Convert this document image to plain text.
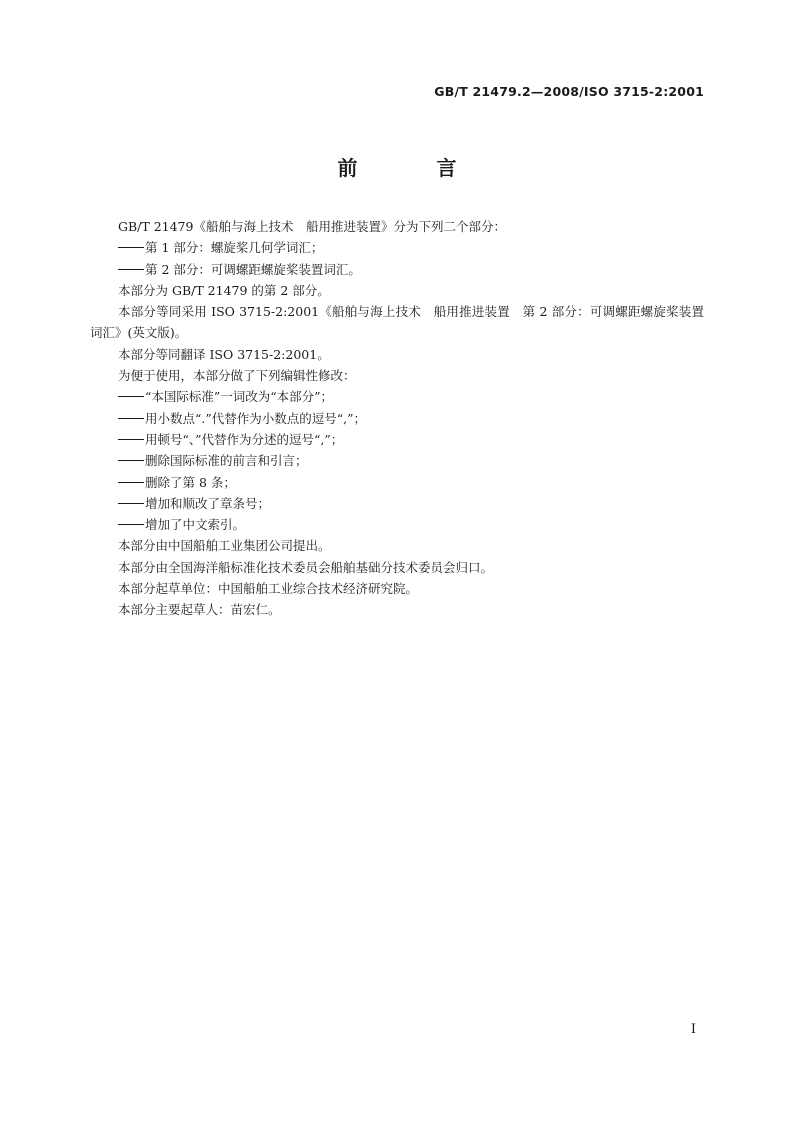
GB/T 21479.2—2008/ISO 3715-2:2001
前 言

GB/T 21479《船舶与海上技术　船用推进装置》分为下列二个部分：

第 1 部分：螺旋桨几何学词汇；

第 2 部分：可调螺距螺旋桨装置词汇。

本部分为 GB/T 21479 的第 2 部分。

本部分等同采用 ISO 3715-2:2001《船舶与海上技术　船用推进装置　第 2 部分：可调螺距螺旋桨装置词汇》(英文版)。

本部分等同翻译 ISO 3715-2:2001。

为便于使用，本部分做了下列编辑性修改：

“本国际标准”一词改为“本部分”；

用小数点“.”代替作为小数点的逗号“,”；

用顿号“、”代替作为分述的逗号“,”；

删除国际标准的前言和引言；

删除了第 8 条；

增加和顺改了章条号；

增加了中文索引。

本部分由中国船舶工业集团公司提出。

本部分由全国海洋船标准化技术委员会船舶基础分技术委员会归口。

本部分起草单位：中国船舶工业综合技术经济研究院。

本部分主要起草人：苗宏仁。

I
